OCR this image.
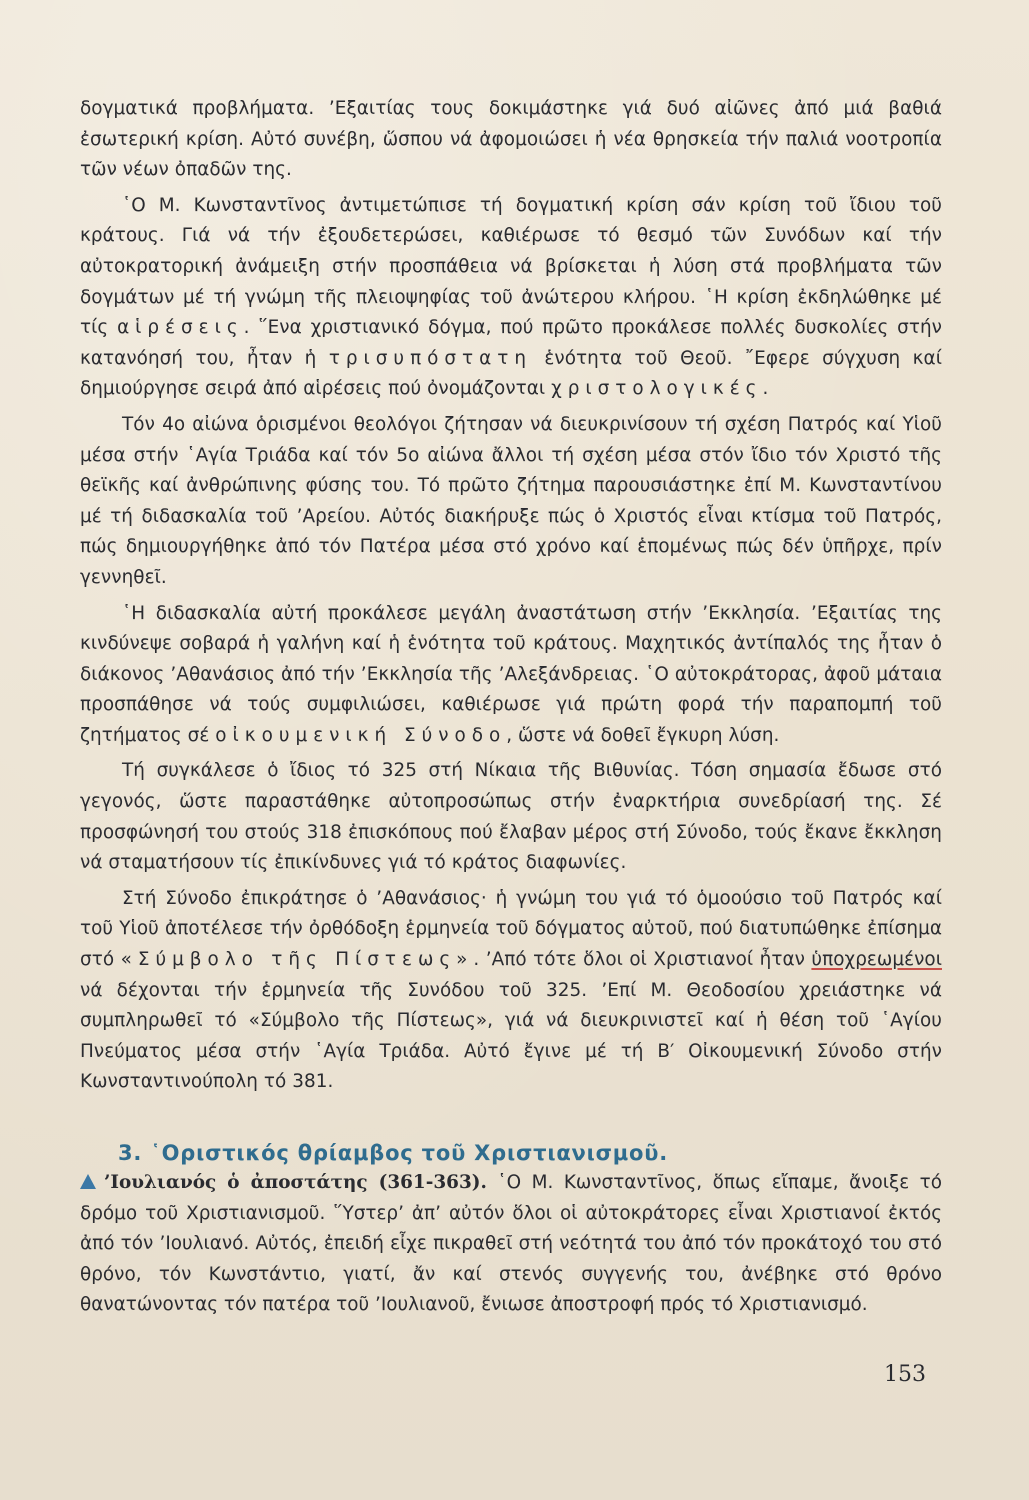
δογματικά προβλήματα. ’Εξαιτίας τους δοκιμάστηκε γιά δυό αἰῶνες ἀπό μιά βαθιά ἐσωτερική κρίση. Αὐτό συνέβη, ὥσπου νά ἀφομοιώσει ἡ νέα θρησκεία τήν παλιά νοοτροπία τῶν νέων ὀπαδῶν της.

῾Ο Μ. Κωνσταντῖνος ἀντιμετώπισε τή δογματική κρίση σάν κρίση τοῦ ἴδιου τοῦ κράτους. Γιά νά τήν ἐξουδετερώσει, καθιέρωσε τό θεσμό τῶν Συνόδων καί τήν αὐτοκρατορική ἀνάμειξη στήν προσπάθεια νά βρίσκεται ἡ λύση στά προβλήματα τῶν δογμάτων μέ τή γνώμη τῆς πλειοψηφίας τοῦ ἀνώτερου κλήρου. ῾Η κρίση ἐκδηλώθηκε μέ τίς αἱρέσεις. ῞Ενα χριστιανικό δόγμα, πού πρῶτο προκάλεσε πολλές δυσκολίες στήν κατανόησή του, ἦταν ἡ τρισυπόστατη ἑνότητα τοῦ Θεοῦ. ῎Εφερε σύγχυση καί δημιούργησε σειρά ἀπό αἱρέσεις πού ὀνομάζονται χριστολογικές.

Τόν 4ο αἰώνα ὁρισμένοι θεολόγοι ζήτησαν νά διευκρινίσουν τή σχέση Πατρός καί Υἱοῦ μέσα στήν ῾Αγία Τριάδα καί τόν 5ο αἰώνα ἄλλοι τή σχέση μέσα στόν ἴδιο τόν Χριστό τῆς θεϊκῆς καί ἀνθρώπινης φύσης του. Τό πρῶτο ζήτημα παρουσιάστηκε ἐπί Μ. Κωνσταντίνου μέ τή διδασκαλία τοῦ ’Αρείου. Αὐτός διακήρυξε πώς ὁ Χριστός εἶναι κτίσμα τοῦ Πατρός, πώς δημιουργήθηκε ἀπό τόν Πατέρα μέσα στό χρόνο καί ἑπομένως πώς δέν ὑπῆρχε, πρίν γεννηθεῖ.

῾Η διδασκαλία αὐτή προκάλεσε μεγάλη ἀναστάτωση στήν ’Εκκλησία. ’Εξαιτίας της κινδύνεψε σοβαρά ἡ γαλήνη καί ἡ ἑνότητα τοῦ κράτους. Μαχητικός ἀντίπαλός της ἦταν ὁ διάκονος ’Αθανάσιος ἀπό τήν ’Εκκλησία τῆς ’Αλεξάνδρειας. ῾Ο αὐτοκράτορας, ἀφοῦ μάταια προσπάθησε νά τούς συμφιλιώσει, καθιέρωσε γιά πρώτη φορά τήν παραπομπή τοῦ ζητήματος σέ οἰκουμενική Σύνοδο, ὥστε νά δοθεῖ ἔγκυρη λύση.

Τή συγκάλεσε ὁ ἴδιος τό 325 στή Νίκαια τῆς Βιθυνίας. Τόση σημασία ἔδωσε στό γεγονός, ὥστε παραστάθηκε αὐτοπροσώπως στήν ἐναρκτήρια συνεδρίασή της. Σέ προσφώνησή του στούς 318 ἐπισκόπους πού ἔλαβαν μέρος στή Σύνοδο, τούς ἔκανε ἔκκληση νά σταματήσουν τίς ἐπικίνδυνες γιά τό κράτος διαφωνίες.

Στή Σύνοδο ἐπικράτησε ὁ ’Αθανάσιος· ἡ γνώμη του γιά τό ὁμοούσιο τοῦ Πατρός καί τοῦ Υἱοῦ ἀποτέλεσε τήν ὀρθόδοξη ἑρμηνεία τοῦ δόγματος αὐτοῦ, πού διατυπώθηκε ἐπίσημα στό «Σύμβολο τῆς Πίστεως». ’Από τότε ὅλοι οἱ Χριστιανοί ἦταν ὑποχρεωμένοι νά δέχονται τήν ἑρμηνεία τῆς Συνόδου τοῦ 325. ’Επί Μ. Θεοδοσίου χρειάστηκε νά συμπληρωθεῖ τό «Σύμβολο τῆς Πίστεως», γιά νά διευκρινιστεῖ καί ἡ θέση τοῦ ῾Αγίου Πνεύματος μέσα στήν ῾Αγία Τριάδα. Αὐτό ἔγινε μέ τή Β′ Οἰκουμενική Σύνοδο στήν Κωνσταντινούπολη τό 381.

3. ῾Οριστικός θρίαμβος τοῦ Χριστιανισμοῦ.

’Ιουλιανός ὁ ἀποστάτης (361-363). ῾Ο Μ. Κωνσταντῖνος, ὅπως εἴπαμε, ἄνοιξε τό δρόμο τοῦ Χριστιανισμοῦ. ῞Υστερ’ ἀπ’ αὐτόν ὅλοι οἱ αὐτοκράτορες εἶναι Χριστιανοί ἐκτός ἀπό τόν ’Ιουλιανό. Αὐτός, ἐπειδή εἶχε πικραθεῖ στή νεότητά του ἀπό τόν προκάτοχό του στό θρόνο, τόν Κωνστάντιο, γιατί, ἄν καί στενός συγγενής του, ἀνέβηκε στό θρόνο θανατώνοντας τόν πατέρα τοῦ ’Ιουλιανοῦ, ἔνιωσε ἀποστροφή πρός τό Χριστιανισμό.

153
